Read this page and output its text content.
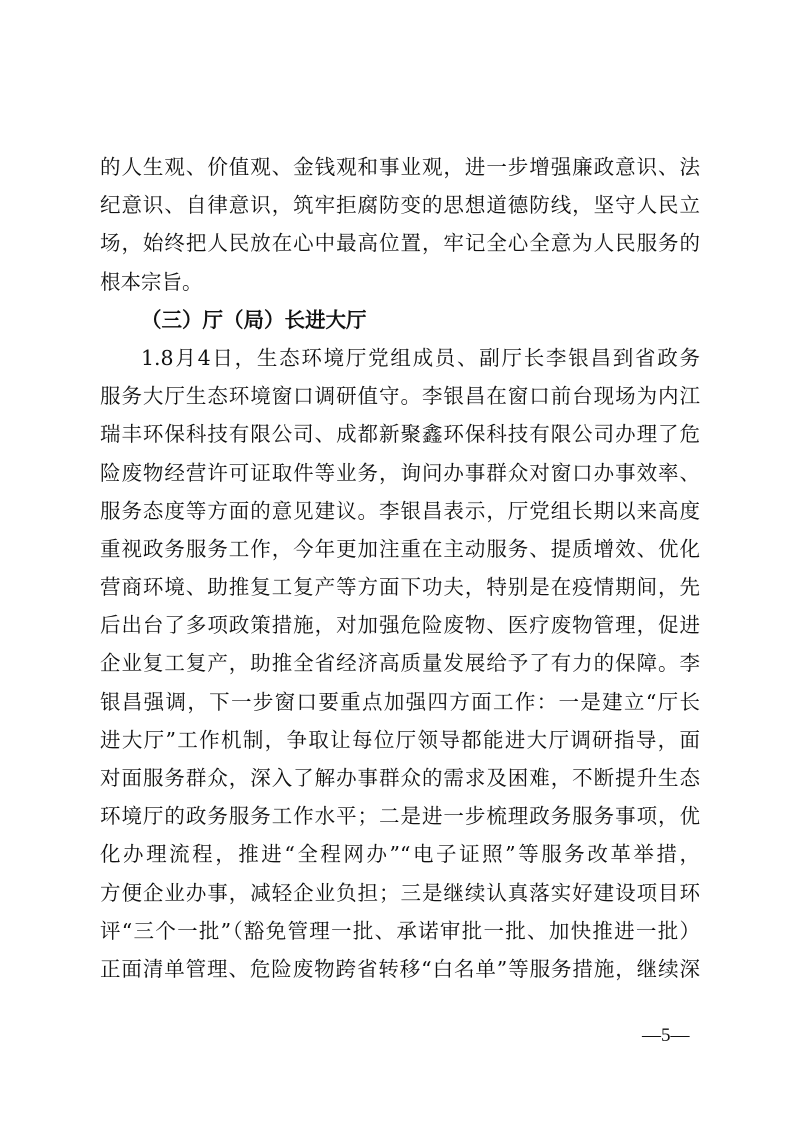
的人生观、价值观、金钱观和事业观，进一步增强廉政意识、法
纪意识、自律意识，筑牢拒腐防变的思想道德防线，坚守人民立
场，始终把人民放在心中最高位置，牢记全心全意为人民服务的
根本宗旨。
（三）厅（局）长进大厅
1.8月4日，生态环境厅党组成员、副厅长李银昌到省政务
服务大厅生态环境窗口调研值守。李银昌在窗口前台现场为内江
瑞丰环保科技有限公司、成都新聚鑫环保科技有限公司办理了危
险废物经营许可证取件等业务，询问办事群众对窗口办事效率、
服务态度等方面的意见建议。李银昌表示，厅党组长期以来高度
重视政务服务工作，今年更加注重在主动服务、提质增效、优化
营商环境、助推复工复产等方面下功夫，特别是在疫情期间，先
后出台了多项政策措施，对加强危险废物、医疗废物管理，促进
企业复工复产，助推全省经济高质量发展给予了有力的保障。李
银昌强调，下一步窗口要重点加强四方面工作：一是建立“厅长
进大厅”工作机制，争取让每位厅领导都能进大厅调研指导，面
对面服务群众，深入了解办事群众的需求及困难，不断提升生态
环境厅的政务服务工作水平；二是进一步梳理政务服务事项，优
化办理流程，推进“全程网办”“电子证照”等服务改革举措，
方便企业办事，减轻企业负担；三是继续认真落实好建设项目环
评“三个一批”（豁免管理一批、承诺审批一批、加快推进一批）
正面清单管理、危险废物跨省转移“白名单”等服务措施，继续深
—5—
